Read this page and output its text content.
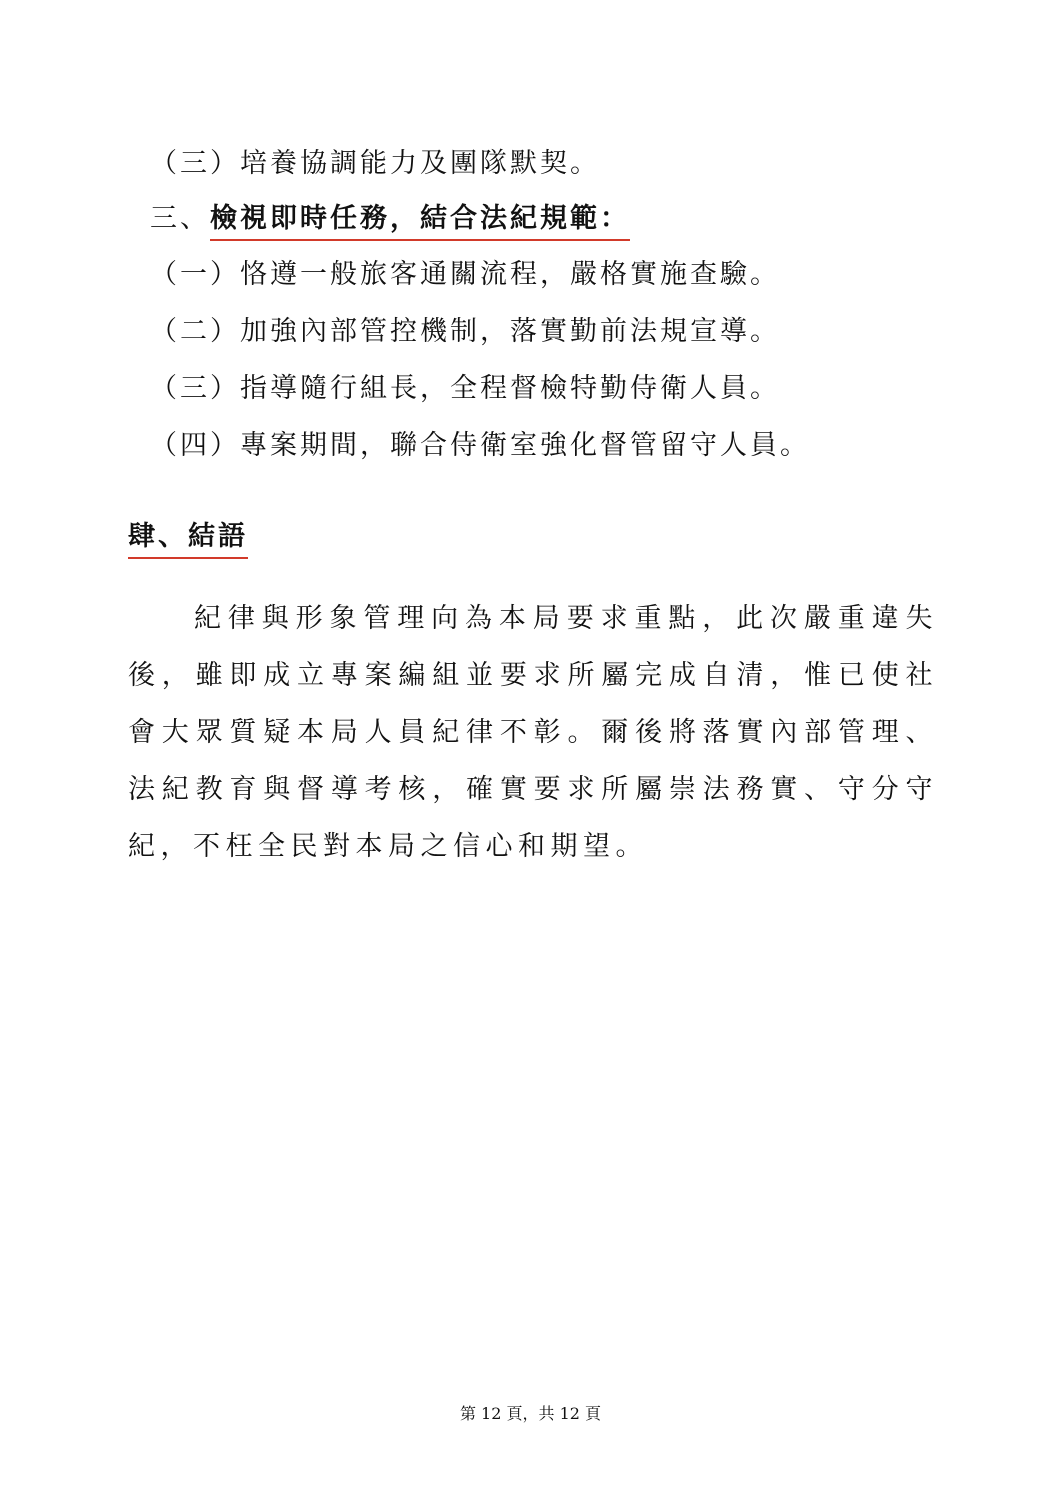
（三）培養協調能力及團隊默契。
三、檢視即時任務，結合法紀規範：
（一）恪遵一般旅客通關流程，嚴格實施查驗。
（二）加強內部管控機制，落實勤前法規宣導。
（三）指導隨行組長，全程督檢特勤侍衛人員。
（四）專案期間，聯合侍衛室強化督管留守人員。
肆、結語
紀律與形象管理向為本局要求重點，此次嚴重違失後，雖即成立專案編組並要求所屬完成自清，惟已使社會大眾質疑本局人員紀律不彰。爾後將落實內部管理、法紀教育與督導考核，確實要求所屬崇法務實、守分守紀，不枉全民對本局之信心和期望。
第 12 頁，共 12 頁
